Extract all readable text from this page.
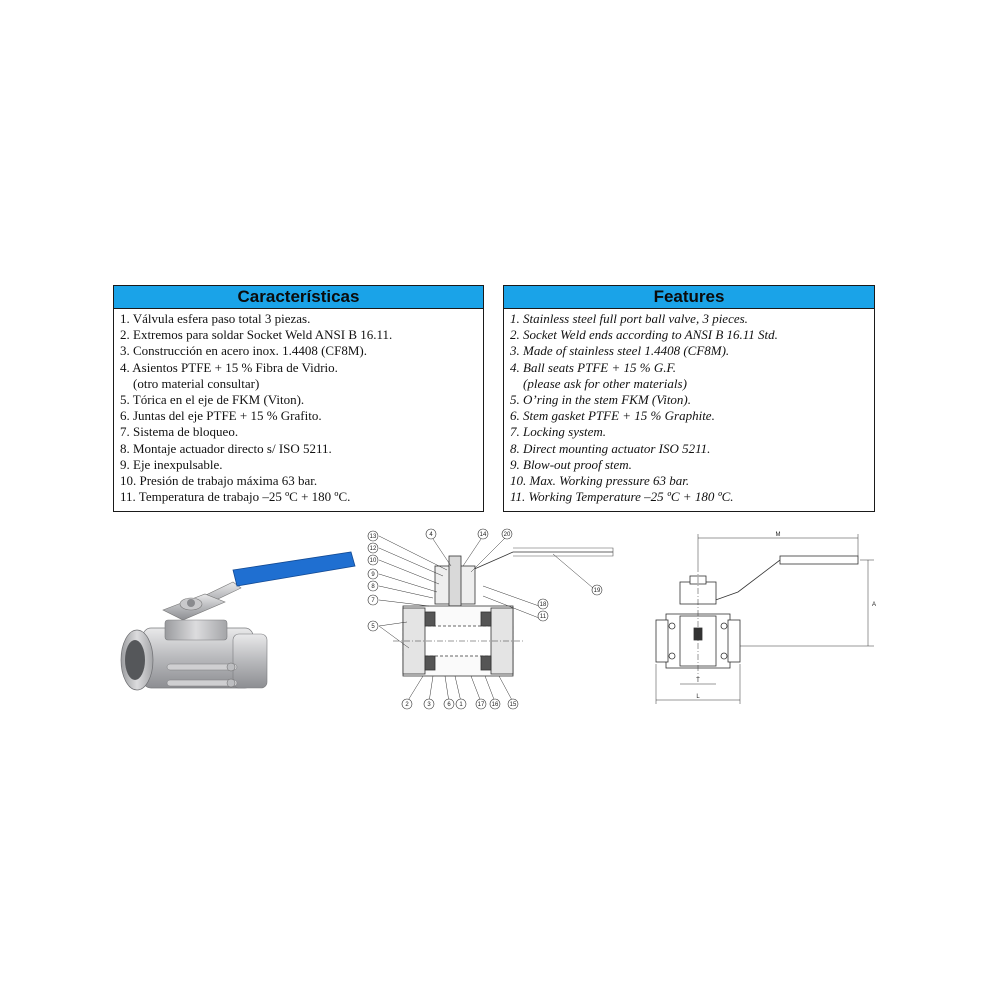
Características
1. Válvula esfera paso total 3 piezas.
2. Extremos para soldar Socket Weld ANSI B 16.11.
3. Construcción en acero inox. 1.4408 (CF8M).
4. Asientos PTFE + 15 % Fibra de Vidrio.
(otro material consultar)
5. Tórica en el eje de FKM (Viton).
6. Juntas del eje PTFE + 15 % Grafito.
7. Sistema de bloqueo.
8. Montaje actuador directo s/ ISO 5211.
9. Eje inexpulsable.
10. Presión de trabajo máxima 63 bar.
11. Temperatura de trabajo –25 ºC + 180 ºC.
Features
1. Stainless steel full port ball valve, 3 pieces.
2. Socket Weld ends according to ANSI B 16.11 Std.
3. Made of stainless steel 1.4408 (CF8M).
4. Ball seats PTFE + 15 % G.F.
(please ask for other materials)
5. O’ring in the stem FKM (Viton).
6. Stem gasket PTFE + 15 % Graphite.
7. Locking system.
8. Direct mounting actuator ISO 5211.
9. Blow-out proof stem.
10. Max. Working pressure 63 bar.
11. Working Temperature –25 ºC + 180 ºC.
13
12
10
9
8
7
5
4	14	20
19
18
11
2	3	6 1 17 16 15
M
A
T
L
